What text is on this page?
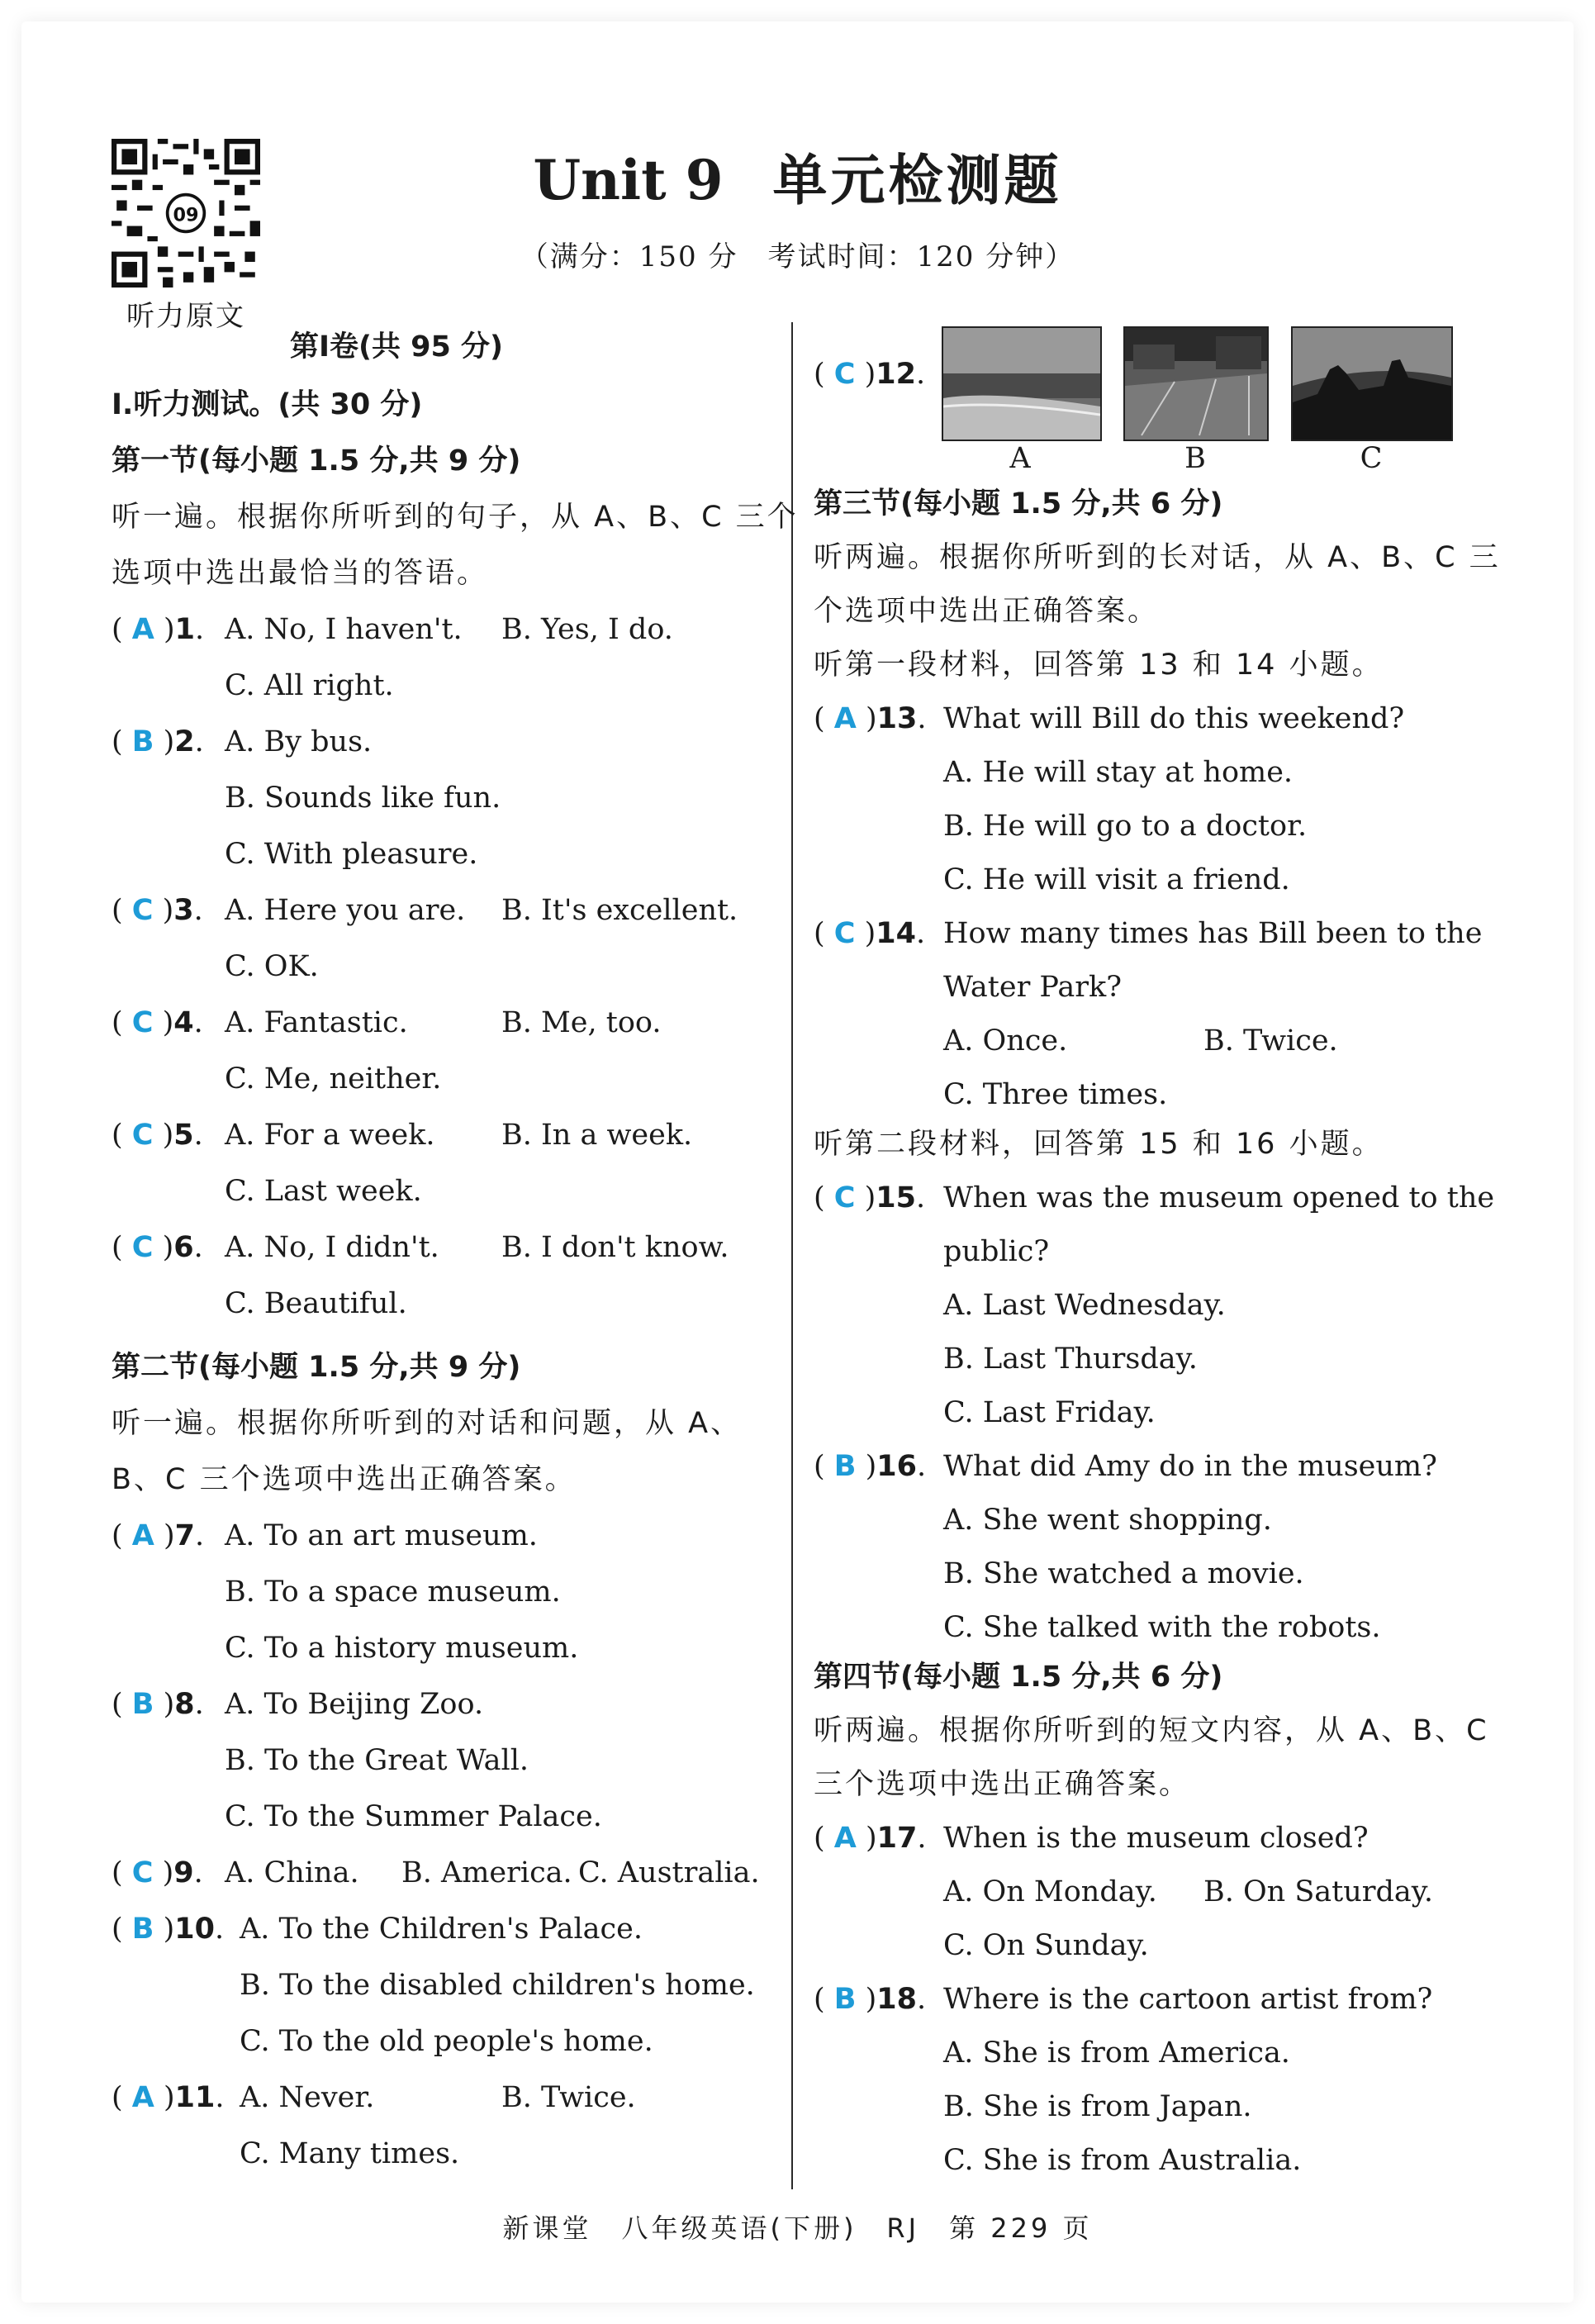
09
听力原文
Unit 9 单元检测题
（满分：150 分　考试时间：120 分钟）
第Ⅰ卷(共 95 分)
Ⅰ.听力测试。(共 30 分)
第一节(每小题 1.5 分,共 9 分)
听一遍。根据你所听到的句子，从 A、B、C 三个
选项中选出最恰当的答语。
( A )1. A. No, I haven't. B. Yes, I do.
C. All right.
( B )2. A. By bus.
B. Sounds like fun.
C. With pleasure.
( C )3. A. Here you are. B. It's excellent.
C. OK.
( C )4. A. Fantastic.	B. Me, too.
C. Me, neither.
( C )5. A. For a week. B. In a week.
C. Last week.
( C )6. A. No, I didn't. B. I don't know.
C. Beautiful.
( A )7. A. To an art museum.
B. To a space museum.
C. To a history museum.
( B )8. A. To Beijing Zoo.
B. To the Great Wall.
C. To the Summer Palace.
( C )9. A. China. B. America. C. Australia.
( B )10. A. To the Children's Palace.
B. To the disabled children's home.
C. To the old people's home.
( A )11. A. Never.	B. Twice.
C. Many times.
第二节(每小题 1.5 分,共 9 分)
听一遍。根据你所听到的对话和问题，从 A、
B、C 三个选项中选出正确答案。
( C )12.
A	B	C
第三节(每小题 1.5 分,共 6 分)
听两遍。根据你所听到的长对话，从 A、B、C 三
个选项中选出正确答案。
听第一段材料，回答第 13 和 14 小题。
( A )13. What will Bill do this weekend?
A. He will stay at home.
B. He will go to a doctor.
C. He will visit a friend.
( C )14. How many times has Bill been to the
Water Park?
A. Once.	B. Twice.
C. Three times.
( C )15. When was the museum opened to the
public?
A. Last Wednesday.
B. Last Thursday.
C. Last Friday.
( B )16. What did Amy do in the museum?
A. She went shopping.
B. She watched a movie.
C. She talked with the robots.
( A )17. When is the museum closed?
A. On Monday. B. On Saturday.
C. On Sunday.
( B )18. Where is the cartoon artist from?
A. She is from America.
B. She is from Japan.
C. She is from Australia.
听第二段材料，回答第 15 和 16 小题。
第四节(每小题 1.5 分,共 6 分)
听两遍。根据你所听到的短文内容，从 A、B、C
三个选项中选出正确答案。
新课堂　八年级英语(下册)　RJ　第 229 页
